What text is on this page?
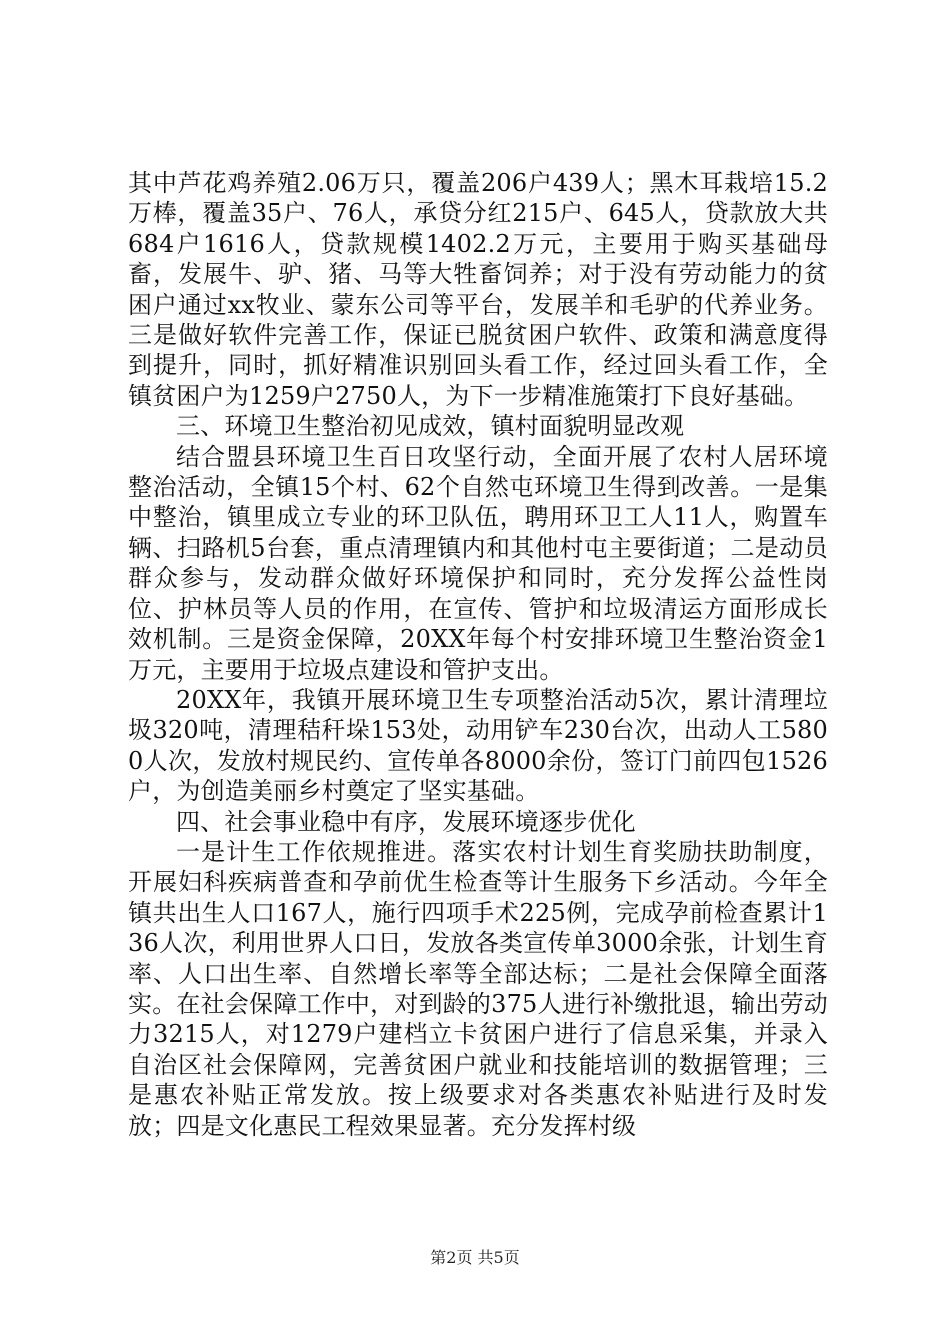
其中芦花鸡养殖2.06万只，覆盖206户439人；黑木耳栽培15.2万棒，覆盖35户、76人，承贷分红215户、645人，贷款放大共684户1616人，贷款规模1402.2万元，主要用于购买基础母畜，发展牛、驴、猪、马等大牲畜饲养；对于没有劳动能力的贫困户通过xx牧业、蒙东公司等平台，发展羊和毛驴的代养业务。三是做好软件完善工作，保证已脱贫困户软件、政策和满意度得到提升，同时，抓好精准识别回头看工作，经过回头看工作，全镇贫困户为1259户2750人，为下一步精准施策打下良好基础。

三、环境卫生整治初见成效，镇村面貌明显改观

结合盟县环境卫生百日攻坚行动，全面开展了农村人居环境整治活动，全镇15个村、62个自然屯环境卫生得到改善。一是集中整治，镇里成立专业的环卫队伍，聘用环卫工人11人，购置车辆、扫路机5台套，重点清理镇内和其他村屯主要街道；二是动员群众参与，发动群众做好环境保护和同时，充分发挥公益性岗位、护林员等人员的作用，在宣传、管护和垃圾清运方面形成长效机制。三是资金保障，20XX年每个村安排环境卫生整治资金1万元，主要用于垃圾点建设和管护支出。

20XX年，我镇开展环境卫生专项整治活动5次，累计清理垃圾320吨，清理秸秆垛153处，动用铲车230台次，出动人工5800人次，发放村规民约、宣传单各8000余份，签订门前四包1526户，为创造美丽乡村奠定了坚实基础。

四、社会事业稳中有序，发展环境逐步优化

一是计生工作依规推进。落实农村计划生育奖励扶助制度，开展妇科疾病普查和孕前优生检查等计生服务下乡活动。今年全镇共出生人口167人，施行四项手术225例，完成孕前检查累计136人次，利用世界人口日，发放各类宣传单3000余张，计划生育率、人口出生率、自然增长率等全部达标；二是社会保障全面落实。在社会保障工作中，对到龄的375人进行补缴批退，输出劳动力3215人，对1279户建档立卡贫困户进行了信息采集，并录入自治区社会保障网，完善贫困户就业和技能培训的数据管理；三是惠农补贴正常发放。按上级要求对各类惠农补贴进行及时发放；四是文化惠民工程效果显著。充分发挥村级

第2页 共5页
